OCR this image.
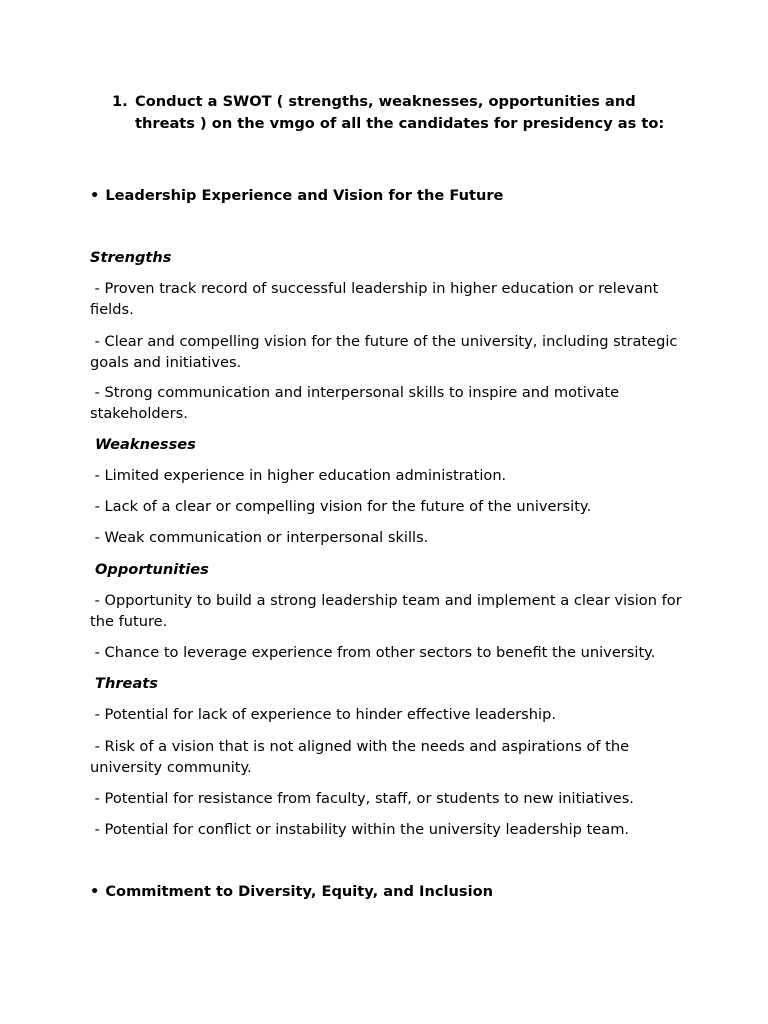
1. Conduct a SWOT ( strengths, weaknesses, opportunities and threats ) on the vmgo of all the candidates for presidency as to:
• Leadership Experience and Vision for the Future
Strengths
- Proven track record of successful leadership in higher education or relevant fields.
- Clear and compelling vision for the future of the university, including strategic goals and initiatives.
- Strong communication and interpersonal skills to inspire and motivate stakeholders.
Weaknesses
- Limited experience in higher education administration.
- Lack of a clear or compelling vision for the future of the university.
- Weak communication or interpersonal skills.
Opportunities
- Opportunity to build a strong leadership team and implement a clear vision for the future.
- Chance to leverage experience from other sectors to benefit the university.
Threats
- Potential for lack of experience to hinder effective leadership.
- Risk of a vision that is not aligned with the needs and aspirations of the university community.
- Potential for resistance from faculty, staff, or students to new initiatives.
- Potential for conflict or instability within the university leadership team.
• Commitment to Diversity, Equity, and Inclusion
